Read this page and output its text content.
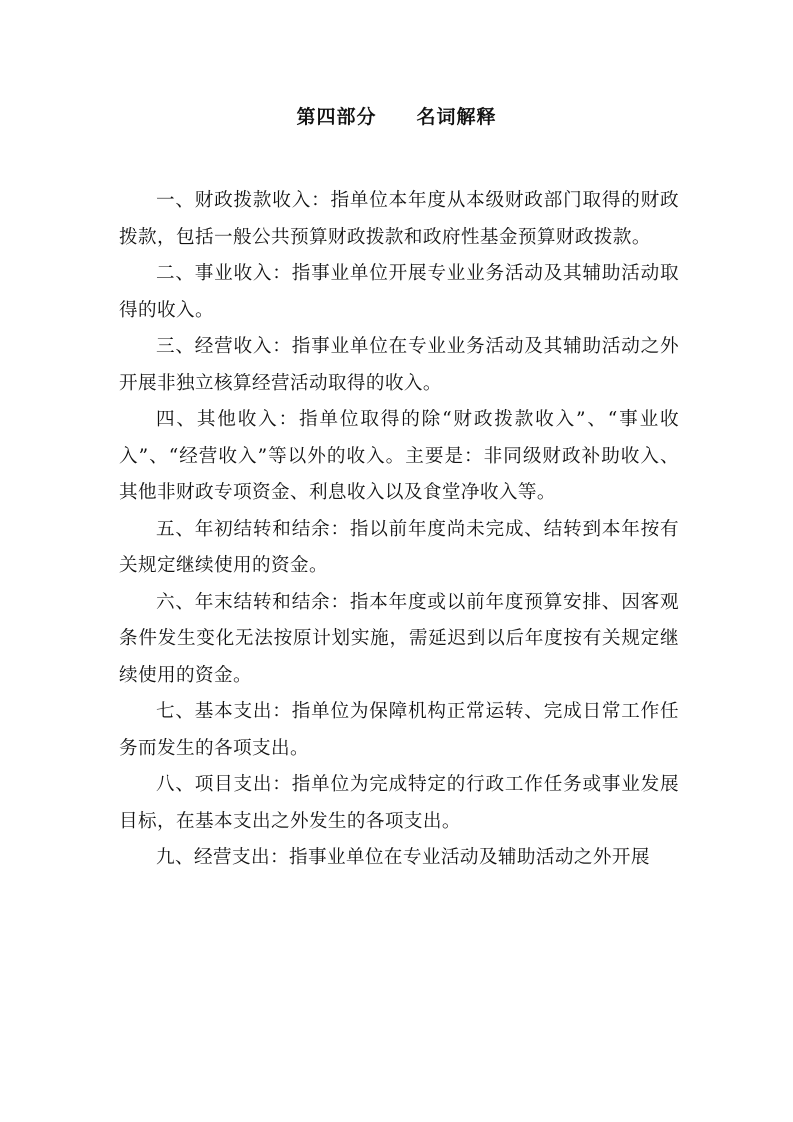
第四部分　　名词解释

一、财政拨款收入：指单位本年度从本级财政部门取得的财政拨款，包括一般公共预算财政拨款和政府性基金预算财政拨款。

二、事业收入：指事业单位开展专业业务活动及其辅助活动取得的收入。

三、经营收入：指事业单位在专业业务活动及其辅助活动之外开展非独立核算经营活动取得的收入。

四、其他收入：指单位取得的除“财政拨款收入”、“事业收入”、“经营收入”等以外的收入。主要是：非同级财政补助收入、其他非财政专项资金、利息收入以及食堂净收入等。

五、年初结转和结余：指以前年度尚未完成、结转到本年按有关规定继续使用的资金。

六、年末结转和结余：指本年度或以前年度预算安排、因客观条件发生变化无法按原计划实施，需延迟到以后年度按有关规定继续使用的资金。

七、基本支出：指单位为保障机构正常运转、完成日常工作任务而发生的各项支出。

八、项目支出：指单位为完成特定的行政工作任务或事业发展目标，在基本支出之外发生的各项支出。

九、经营支出：指事业单位在专业活动及辅助活动之外开展
